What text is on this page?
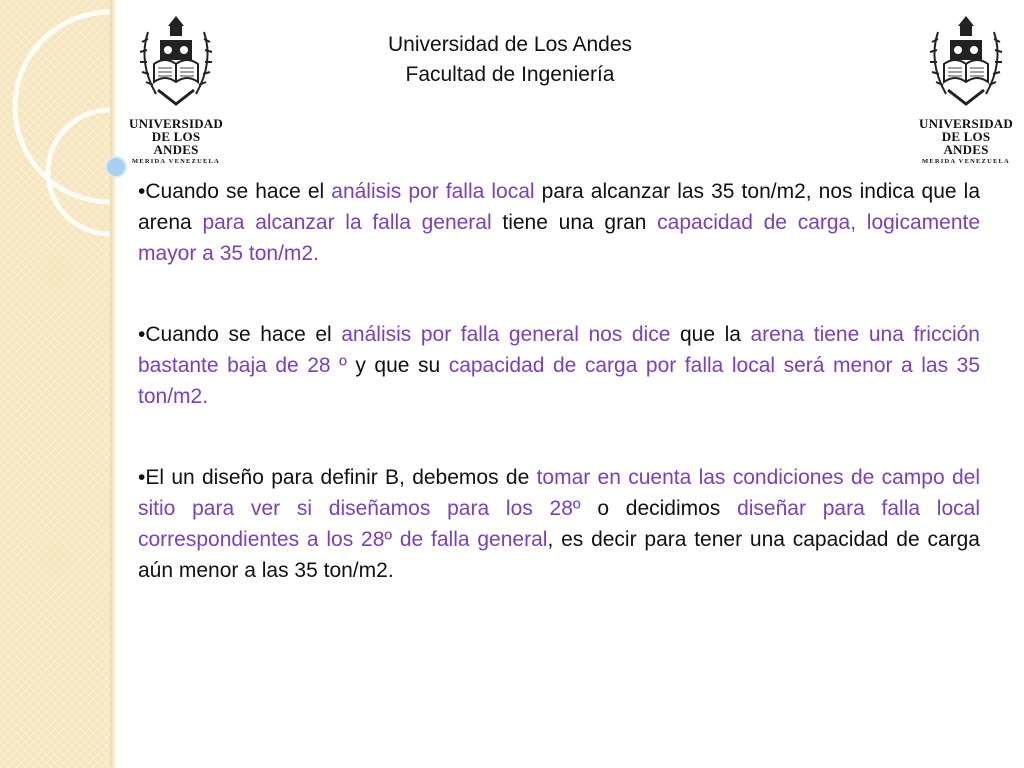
UNIVERSIDAD
DE LOS ANDES
MERIDA VENEZUELA
UNIVERSIDAD
DE LOS ANDES
MERIDA VENEZUELA
Universidad de Los Andes
Facultad de Ingeniería

•Cuando se hace el análisis por falla local para alcanzar las 35 ton/m2, nos indica que la arena para alcanzar la falla general tiene una gran capacidad de carga, logicamente mayor a 35 ton/m2.

•Cuando se hace el análisis por falla general nos dice que la arena tiene una fricción bastante baja de 28 º y que su capacidad de carga por falla local será menor a las 35 ton/m2.

•El un diseño para definir B, debemos de tomar en cuenta las condiciones de campo del sitio para ver si diseñamos para los 28º o decidimos diseñar para falla local correspondientes a los 28º de falla general, es decir para tener una capacidad de carga aún menor a las 35 ton/m2.
